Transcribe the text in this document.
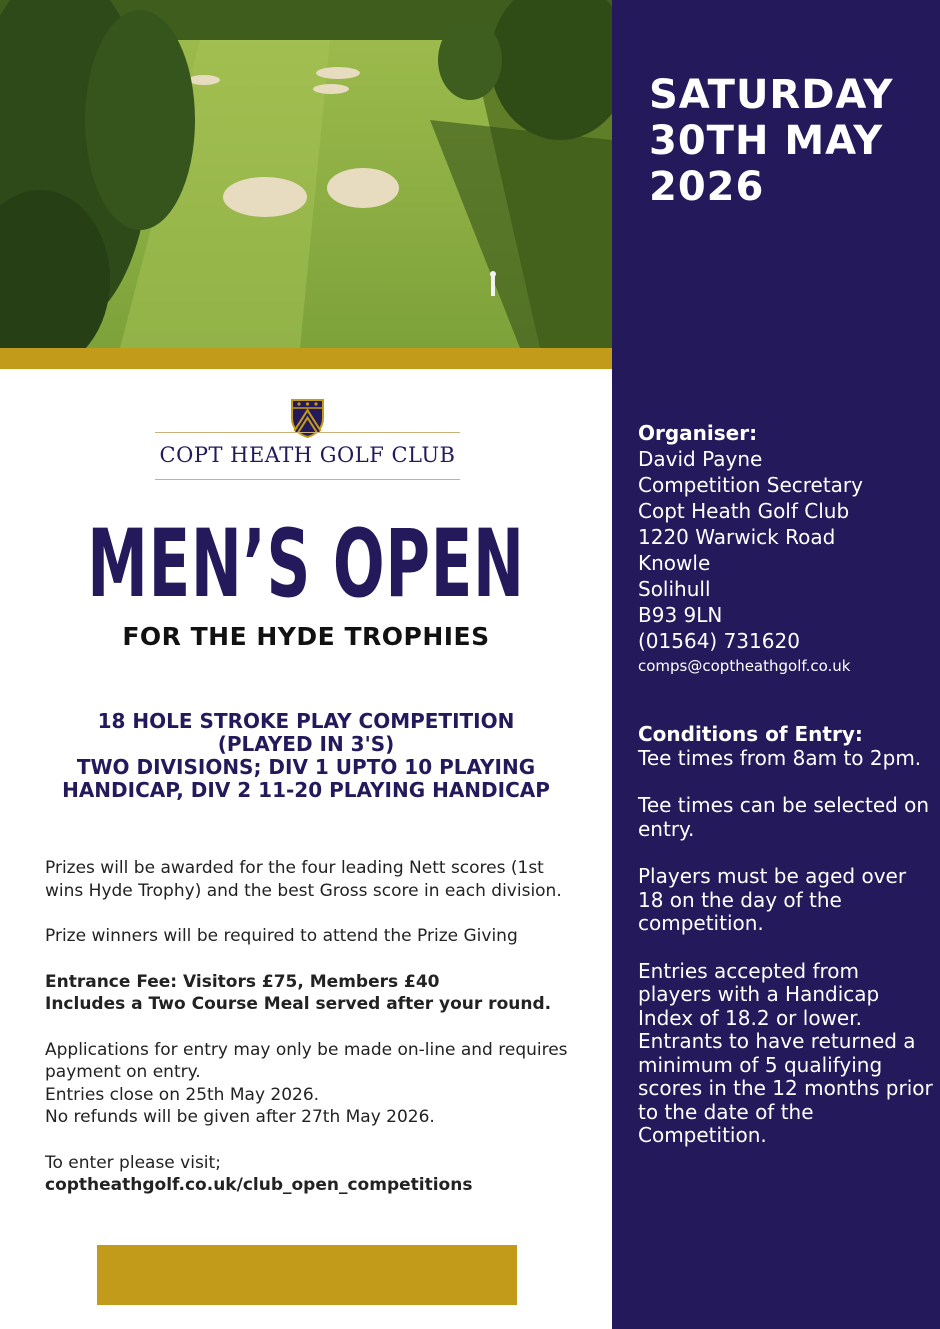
SATURDAY
30TH MAY
2026
Organiser:
David Payne
Competition Secretary
Copt Heath Golf Club
1220 Warwick Road
Knowle
Solihull
B93 9LN
(01564) 731620
comps@coptheathgolf.co.uk
Conditions of Entry:

Tee times from 8am to 2pm.

Tee times can be selected on entry.

Players must be aged over 18 on the day of the competition.

Entries accepted from players with a Handicap Index of 18.2 or lower. Entrants to have returned a minimum of 5 qualifying scores in the 12 months prior to the date of the Competition.

COPT HEATH GOLF CLUB
MEN’S OPEN
FOR THE HYDE TROPHIES
18 HOLE STROKE PLAY COMPETITION
(PLAYED IN 3'S)
TWO DIVISIONS; DIV 1 UPTO 10 PLAYING
HANDICAP, DIV 2 11-20 PLAYING HANDICAP

Prizes will be awarded for the four leading Nett scores (1st wins Hyde Trophy) and the best Gross score in each division.

Prize winners will be required to attend the Prize Giving

Entrance Fee: Visitors £75, Members £40
Includes a Two Course Meal served after your round.

Applications for entry may only be made on-line and requires payment on entry.
Entries close on 25th May 2026.
No refunds will be given after 27th May 2026.

To enter please visit;
coptheathgolf.co.uk/club_open_competitions
